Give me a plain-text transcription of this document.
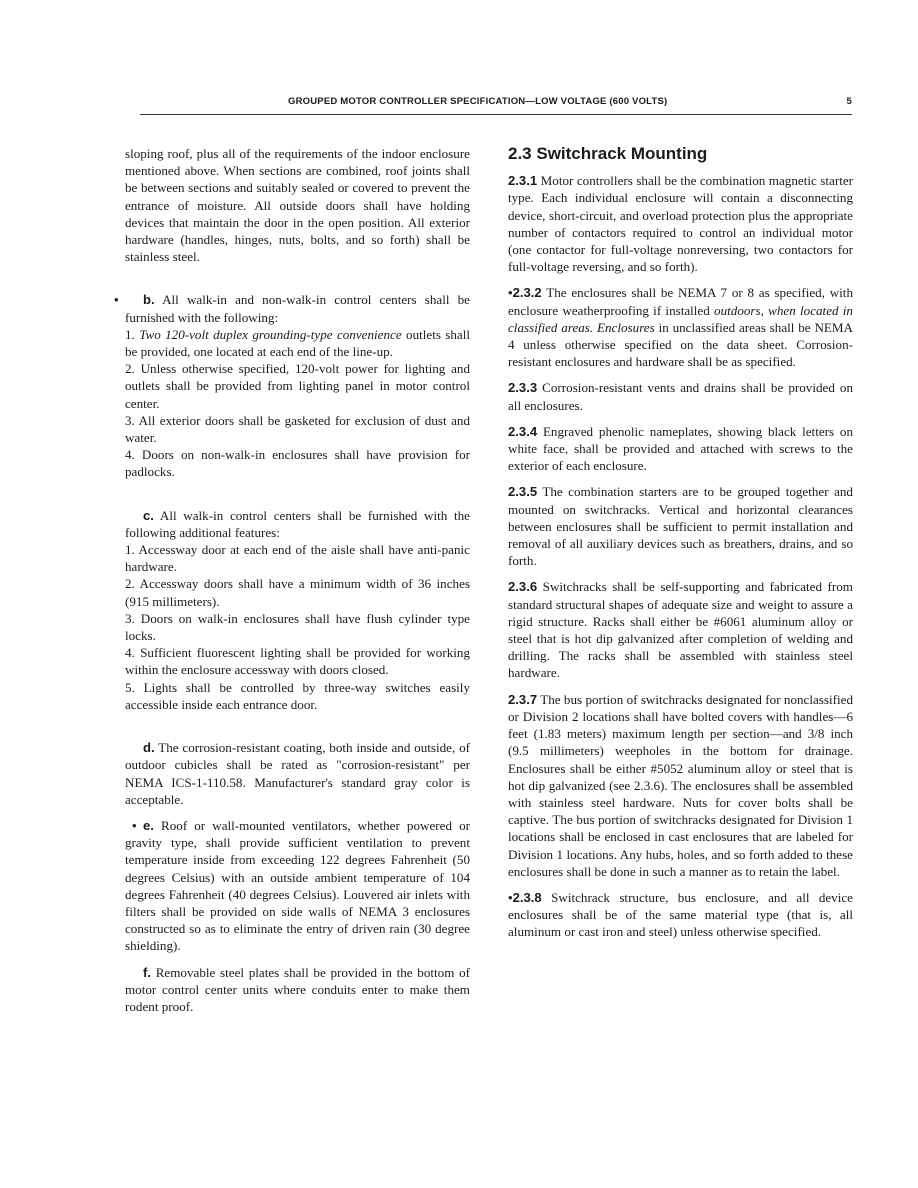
GROUPED MOTOR CONTROLLER SPECIFICATION—LOW VOLTAGE (600 VOLTS)	5

sloping roof, plus all of the requirements of the indoor enclosure mentioned above. When sections are combined, roof joints shall be between sections and suitably sealed or covered to prevent the entrance of moisture. All outside doors shall have holding devices that maintain the door in the open position. All exterior hardware (handles, hinges, nuts, bolts, and so forth) shall be stainless steel.

• b. All walk-in and non-walk-in control centers shall be furnished with the following:

1. Two 120-volt duplex grounding-type convenience outlets shall be provided, one located at each end of the line-up.

2. Unless otherwise specified, 120-volt power for lighting and outlets shall be provided from lighting panel in motor control center.

3. All exterior doors shall be gasketed for exclusion of dust and water.

4. Doors on non-walk-in enclosures shall have provision for padlocks.

c. All walk-in control centers shall be furnished with the following additional features:

1. Accessway door at each end of the aisle shall have anti-panic hardware.

2. Accessway doors shall have a minimum width of 36 inches (915 millimeters).

3. Doors on walk-in enclosures shall have flush cylinder type locks.

4. Sufficient fluorescent lighting shall be provided for working within the enclosure accessway with doors closed.

5. Lights shall be controlled by three-way switches easily accessible inside each entrance door.

d. The corrosion-resistant coating, both inside and outside, of outdoor cubicles shall be rated as "corrosion-resistant" per NEMA ICS-1-110.58. Manufacturer's standard gray color is acceptable.

• e. Roof or wall-mounted ventilators, whether powered or gravity type, shall provide sufficient ventilation to prevent temperature inside from exceeding 122 degrees Fahrenheit (50 degrees Celsius) with an outside ambient temperature of 104 degrees Fahrenheit (40 degrees Celsius). Louvered air inlets with filters shall be provided on side walls of NEMA 3 enclosures constructed so as to eliminate the entry of driven rain (30 degree shielding).

f. Removable steel plates shall be provided in the bottom of motor control center units where conduits enter to make them rodent proof.

2.3 Switchrack Mounting

2.3.1 Motor controllers shall be the combination magnetic starter type. Each individual enclosure will contain a disconnecting device, short-circuit, and overload protection plus the appropriate number of contactors required to control an individual motor (one contactor for full-voltage nonreversing, two contactors for full-voltage reversing, and so forth).

•2.3.2 The enclosures shall be NEMA 7 or 8 as specified, with enclosure weatherproofing if installed outdoors, when located in classified areas. Enclosures in unclassified areas shall be NEMA 4 unless otherwise specified on the data sheet. Corrosion-resistant enclosures and hardware shall be as specified.

2.3.3 Corrosion-resistant vents and drains shall be provided on all enclosures.

2.3.4 Engraved phenolic nameplates, showing black letters on white face, shall be provided and attached with screws to the exterior of each enclosure.

2.3.5 The combination starters are to be grouped together and mounted on switchracks. Vertical and horizontal clearances between enclosures shall be sufficient to permit installation and removal of all auxiliary devices such as breathers, drains, and so forth.

2.3.6 Switchracks shall be self-supporting and fabricated from standard structural shapes of adequate size and weight to assure a rigid structure. Racks shall either be #6061 aluminum alloy or steel that is hot dip galvanized after completion of welding and drilling. The racks shall be assembled with stainless steel hardware.

2.3.7 The bus portion of switchracks designated for nonclassified or Division 2 locations shall have bolted covers with handles—6 feet (1.83 meters) maximum length per section—and 3/8 inch (9.5 millimeters) weepholes in the bottom for drainage. Enclosures shall be either #5052 aluminum alloy or steel that is hot dip galvanized (see 2.3.6). The enclosures shall be assembled with stainless steel hardware. Nuts for cover bolts shall be captive. The bus portion of switchracks designated for Division 1 locations shall be enclosed in cast enclosures that are labeled for Division 1 locations. Any hubs, holes, and so forth added to these enclosures shall be done in such a manner as to retain the label.

•2.3.8 Switchrack structure, bus enclosure, and all device enclosures shall be of the same material type (that is, all aluminum or cast iron and steel) unless otherwise specified.
